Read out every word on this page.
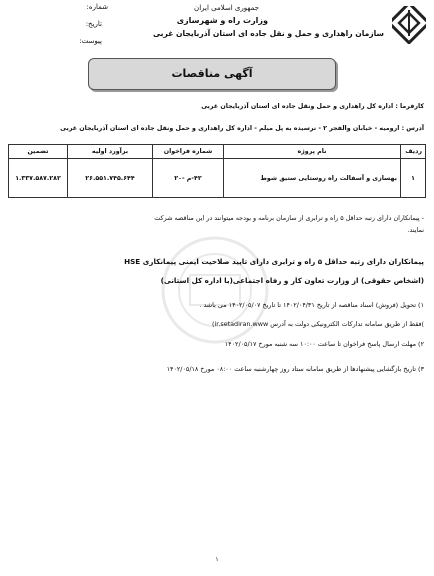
جمهوری اسلامی ایران
وزارت راه و شهرسازی
سازمان راهداری و حمل و نقل جاده ای استان آذربایجان غربی
شماره:
تاریخ:
پیوست:
آگهی مناقصات
کارفرما : اداره کل راهداری و حمل ونقل جاده ای استان آذربایجان غربی
آدرس : ارومیه - خیابان والفجر ۲ - نرسیده به پل میلم - اداره کل راهداری و حمل ونقل جاده ای استان آذربایجان غربی
ردیف	نام پروژه	شماره فراخوان	برآورد اولیه	تضمین
۱	بهسازی و آسفالت راه روستایی ستیق شوط	۴۲-م -۲۰	۲۶.۵۵۱.۷۴۵.۶۴۴	۱.۳۳۷.۵۸۷.۲۸۲
- پیمانکاران دارای رتبه حداقل ۵ راه و ترابری از سازمان برنامه و بودجه میتوانند در این مناقصه شرکت
نمایند.
پیمانکاران دارای رتبه حداقل ۵ راه و ترابری دارای تایید صلاحیت ایمنی پیمانکاری HSE
(اشخاص حقوقی) از وزارت تعاون کار و رفاه اجتماعی(با اداره کل استانی)
۱) تحویل (فروش) اسناد مناقصه از تاریخ ۱۴۰۲/۰۴/۳۱ تا تاریخ ۱۴۰۲/۰۵/۰۷ می باشد .
)فقط از طریق سامانه تدارکات الکترونیکی دولت به آدرس ir.setadiran.www)
۲) مهلت ارسال پاسخ فراخوان تا ساعت ۱۰:۰۰ سه شنبه مورخ ۱۴۰۲/۰۵/۱۷
۳) تاریخ بازگشایی پیشنهادها از طریق سامانه ستاد روز چهارشنبه ساعت ۰۸:۰۰ مورخ ۱۴۰۲/۰۵/۱۸
۱
